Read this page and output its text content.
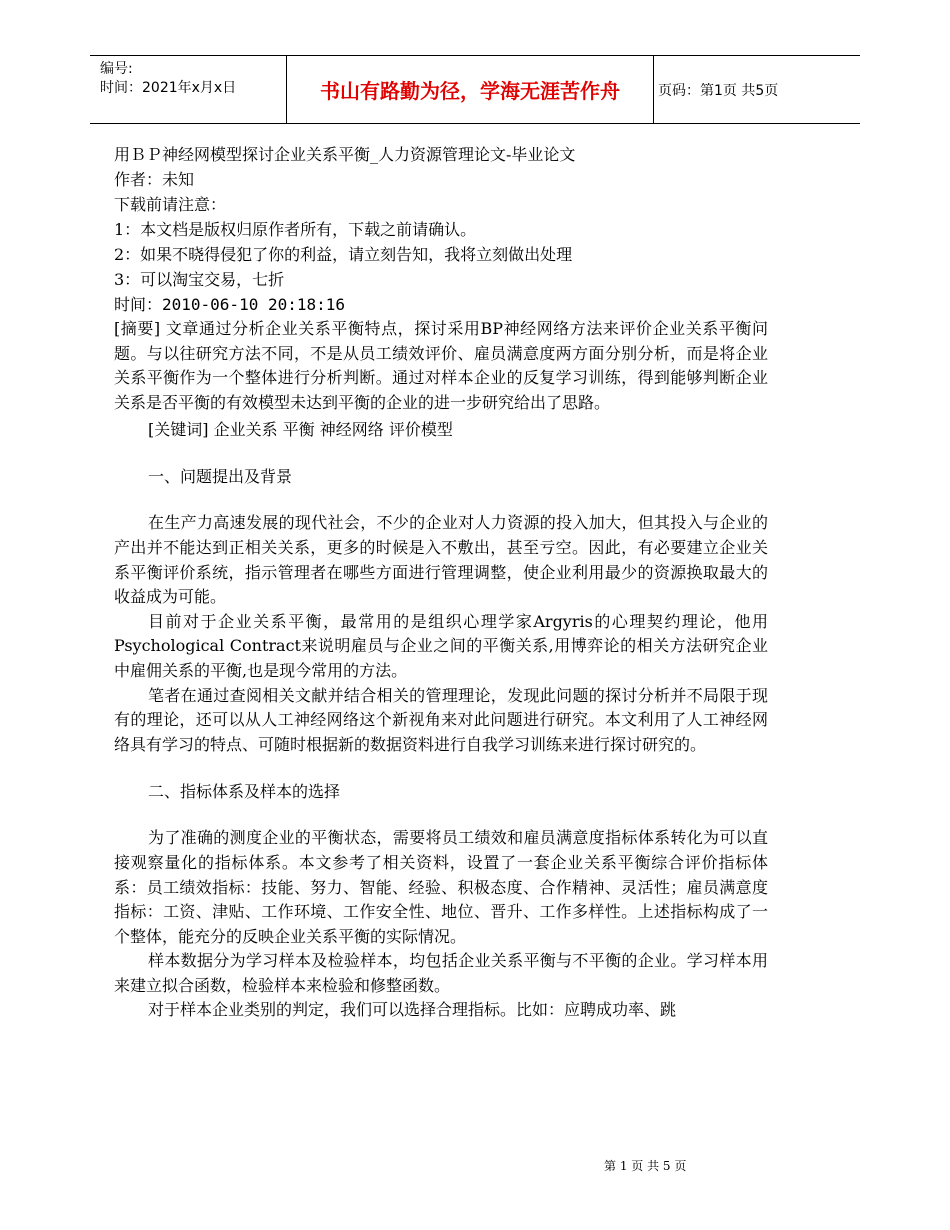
编号:
时间：2021年x月x日	书山有路勤为径，学海无涯苦作舟	页码：第1页 共5页
用ＢＰ神经网模型探讨企业关系平衡_人力资源管理论文-毕业论文
作者：未知
下载前请注意：
1：本文档是版权归原作者所有，下载之前请确认。
2：如果不晓得侵犯了你的利益，请立刻告知，我将立刻做出处理
3：可以淘宝交易，七折
时间：2010-06-10 20:18:16

[摘要] 文章通过分析企业关系平衡特点，探讨采用BP神经网络方法来评价企业关系平衡问题。与以往研究方法不同，不是从员工绩效评价、雇员满意度两方面分别分析，而是将企业关系平衡作为一个整体进行分析判断。通过对样本企业的反复学习训练，得到能够判断企业关系是否平衡的有效模型未达到平衡的企业的进一步研究给出了思路。

[关键词] 企业关系 平衡 神经网络 评价模型
一、问题提出及背景

在生产力高速发展的现代社会，不少的企业对人力资源的投入加大，但其投入与企业的产出并不能达到正相关关系，更多的时候是入不敷出，甚至亏空。因此，有必要建立企业关系平衡评价系统，指示管理者在哪些方面进行管理调整，使企业利用最少的资源换取最大的收益成为可能。

目前对于企业关系平衡，最常用的是组织心理学家Argyris的心理契约理论，他用Psychological Contract来说明雇员与企业之间的平衡关系,用博弈论的相关方法研究企业中雇佣关系的平衡,也是现今常用的方法。

笔者在通过查阅相关文献并结合相关的管理理论，发现此问题的探讨分析并不局限于现有的理论，还可以从人工神经网络这个新视角来对此问题进行研究。本文利用了人工神经网络具有学习的特点、可随时根据新的数据资料进行自我学习训练来进行探讨研究的。

二、指标体系及样本的选择

为了准确的测度企业的平衡状态，需要将员工绩效和雇员满意度指标体系转化为可以直接观察量化的指标体系。本文参考了相关资料，设置了一套企业关系平衡综合评价指标体系：员工绩效指标：技能、努力、智能、经验、积极态度、合作精神、灵活性；雇员满意度指标：工资、津贴、工作环境、工作安全性、地位、晋升、工作多样性。上述指标构成了一个整体，能充分的反映企业关系平衡的实际情况。

样本数据分为学习样本及检验样本，均包括企业关系平衡与不平衡的企业。学习样本用来建立拟合函数，检验样本来检验和修整函数。

对于样本企业类别的判定，我们可以选择合理指标。比如：应聘成功率、跳

第 1 页 共 5 页
